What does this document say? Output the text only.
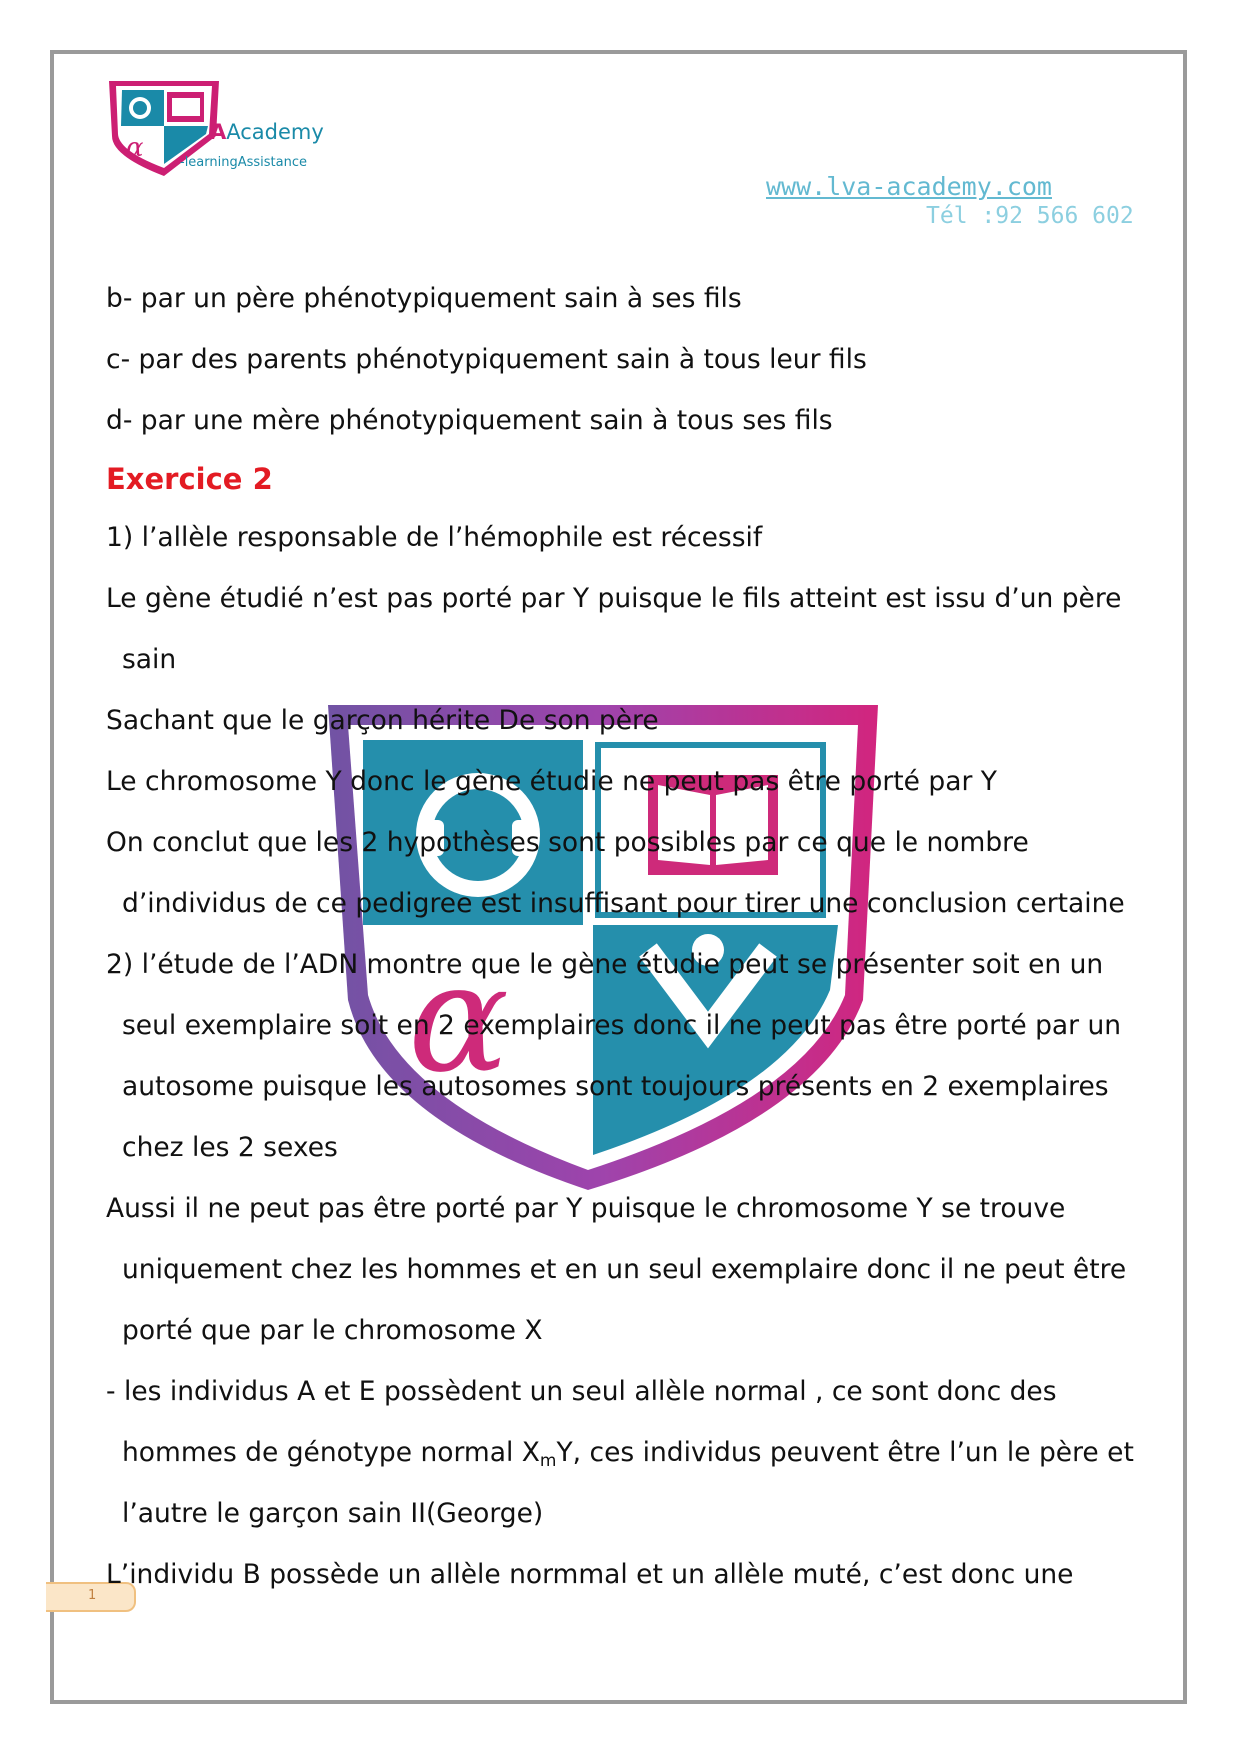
α
AAcademy
-learningAssistance
www.lva-academy.com
Tél :92 566 602
α
b- par un père phénotypiquement sain à ses fils
c- par des parents phénotypiquement sain à tous leur fils
d- par une mère phénotypiquement sain à tous ses fils
Exercice 2
1) l’allèle responsable de l’hémophile est récessif
Le gène étudié n’est pas porté par Y puisque le fils atteint est issu d’un père
sain
Sachant que le garçon hérite De son père
Le chromosome Y donc le gène étudie ne peut pas être porté par Y
On conclut que les 2 hypothèses sont possibles par ce que le nombre
d’individus de ce pedigree est insuffisant pour tirer une conclusion certaine
2) l’étude de l’ADN montre que le gène étudie peut se présenter soit en un
seul exemplaire soit en 2 exemplaires donc il ne peut pas être porté par un
autosome puisque les autosomes sont toujours présents en 2 exemplaires
chez les 2 sexes
Aussi il ne peut pas être porté par Y puisque le chromosome Y se trouve
uniquement chez les hommes et en un seul exemplaire donc il ne peut être
porté que par le chromosome X
- les individus A et E possèdent un seul allèle normal , ce sont donc des
hommes de génotype normal $X_mY$, ces individus peuvent être l’un le père et
l’autre le garçon sain II(George)
L’individu B possède un allèle normmal et un allèle muté, c’est donc une
1
